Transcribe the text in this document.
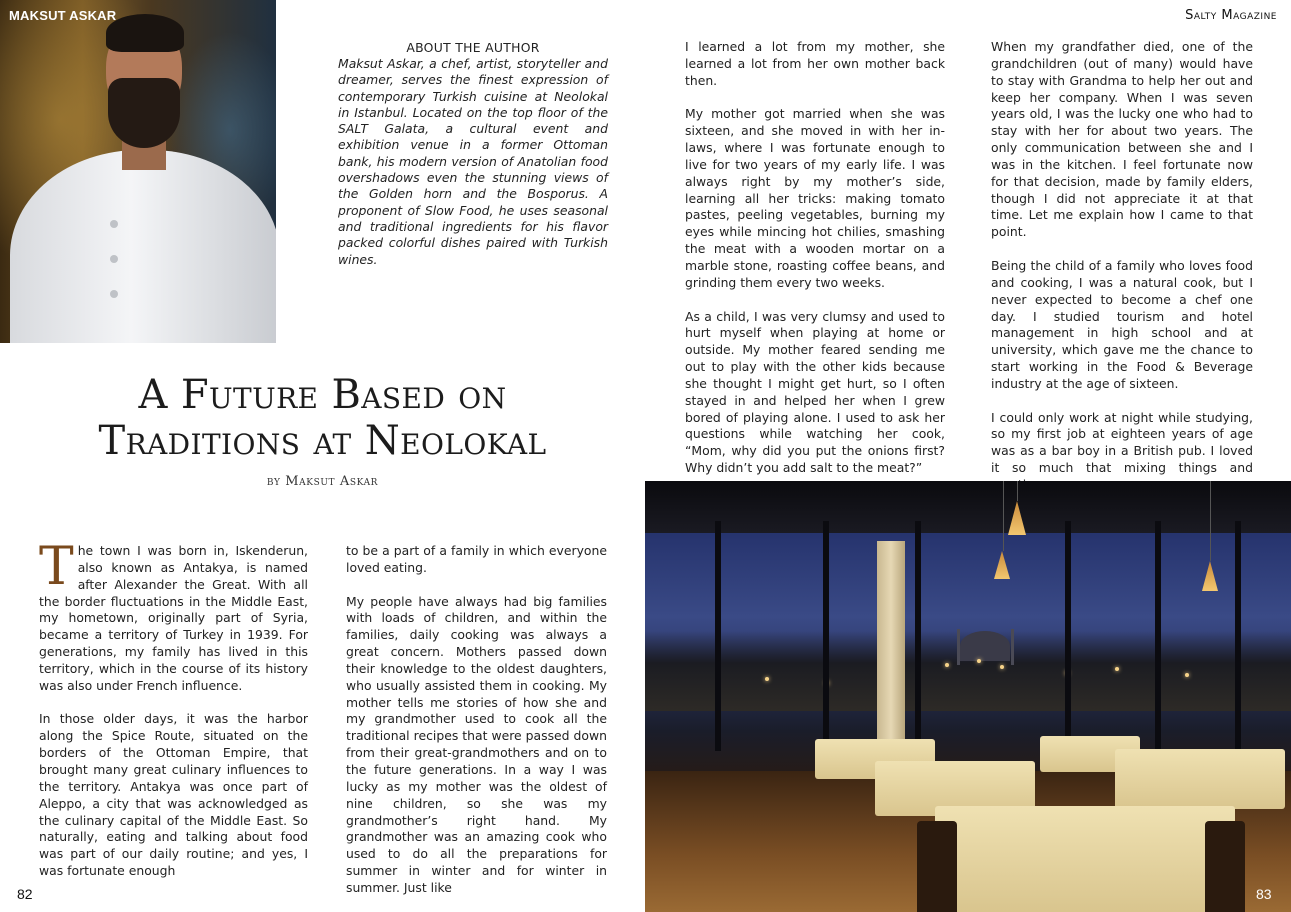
MAKSUT ASKAR	Salty Magazine
ABOUT THE AUTHOR
Maksut Askar, a chef, artist, storyteller and dreamer, serves the finest expression of contemporary Turkish cuisine at Neolokal in Istanbul. Located on the top floor of the SALT Galata, a cultural event and exhibition venue in a former Ottoman bank, his modern version of Anatolian food overshadows even the stunning views of the Golden horn and the Bosporus. A proponent of Slow Food, he uses seasonal and traditional ingredients for his flavor packed colorful dishes paired with Turkish wines.
A Future Based on
Traditions at Neolokal
by Maksut Askar

The town I was born in, Iskenderun, also known as Antakya, is named after Alexander the Great. With all the border fluctuations in the Middle East, my hometown, originally part of Syria, became a territory of Turkey in 1939. For generations, my family has lived in this territory, which in the course of its history was also under French influence.

In those older days, it was the harbor along the Spice Route, situated on the borders of the Ottoman Empire, that brought many great culinary influences to the territory. Antakya was once part of Aleppo, a city that was acknowledged as the culinary capital of the Middle East. So naturally, eating and talking about food was part of our daily routine; and yes, I was fortunate enough

to be a part of a family in which everyone loved eating.

My people have always had big families with loads of children, and within the families, daily cooking was always a great concern. Mothers passed down their knowledge to the oldest daughters, who usually assisted them in cooking. My mother tells me stories of how she and my grandmother used to cook all the traditional recipes that were passed down from their great-grandmothers and on to the future generations. In a way I was lucky as my mother was the oldest of nine children, so she was my grandmother’s right hand. My grandmother was an amazing cook who used to do all the preparations for summer in winter and for winter in summer. Just like

I learned a lot from my mother, she learned a lot from her own mother back then.

My mother got married when she was sixteen, and she moved in with her in-laws, where I was fortunate enough to live for two years of my early life. I was always right by my mother’s side, learning all her tricks: making tomato pastes, peeling vegetables, burning my eyes while mincing hot chilies, smashing the meat with a wooden mortar on a marble stone, roasting coffee beans, and grinding them every two weeks.

As a child, I was very clumsy and used to hurt myself when playing at home or outside. My mother feared sending me out to play with the other kids because she thought I might get hurt, so I often stayed in and helped her when I grew bored of playing alone. I used to ask her questions while watching her cook, “Mom, why did you put the onions first? Why didn’t you add salt to the meat?”

When my grandfather died, one of the grandchildren (out of many) would have to stay with Grandma to help her out and keep her company. When I was seven years old, I was the lucky one who had to stay with her for about two years. The only communication between she and I was in the kitchen. I feel fortunate now for that decision, made by family elders, though I did not appreciate it at that time. Let me explain how I came to that point.

Being the child of a family who loves food and cooking, I was a natural cook, but I never expected to become a chef one day. I studied tourism and hotel management in high school and at university, which gave me the chance to start working in the Food & Beverage industry at the age of sixteen.

I could only work at night while studying, so my first job at eighteen years of age was as a bar boy in a British pub. I loved it so much that mixing things and

82	83
